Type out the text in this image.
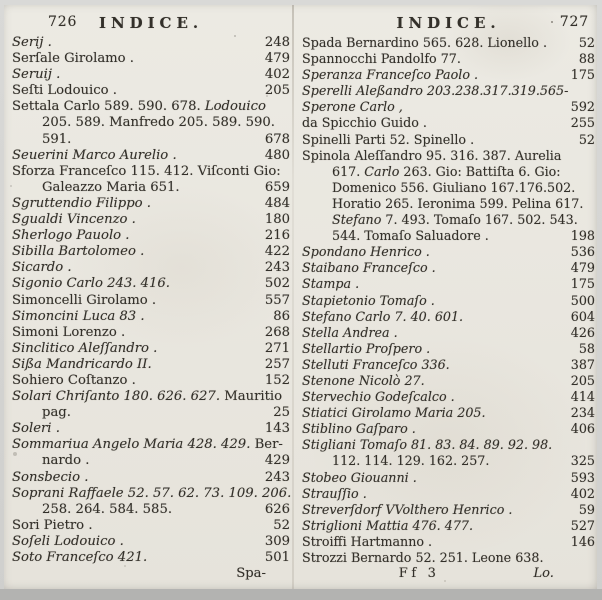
726 INDICE.
Serij .	248
Serſale Girolamo .	479
Seruij .	402
Seſti Lodouico .	205
Settala Carlo 589. 590. 678. Lodouico
205. 589. Manfredo 205. 589. 590.
591.	678
Seuerini Marco Aurelio .	480
Sforza Franceſco 115. 412. Viſconti Gio:
Galeazzo Maria 651.	659
Sgruttendio Filippo .	484
Sgualdi Vincenzo .	180
Sherlogo Pauolo .	216
Sibilla Bartolomeo .	422
Sicardo .	243
Sigonio Carlo 243. 416.	502
Simoncelli Girolamo .	557
Simoncini Luca 83 .	86
Simoni Lorenzo .	268
Sinclitico Aleſſandro .	271
Sißa Mandricardo II.	257
Sohiero Coſtanzo .	152
Solari Chriſanto 180. 626. 627. Mauritio
pag.	25
Soleri .	143
Sommariua Angelo Maria 428. 429. Ber-
nardo .	429
Sonsbecio .	243
Soprani Raffaele 52. 57. 62. 73. 109. 206.
258. 264. 584. 585.	626
Sori Pietro .	52
Soſeli Lodouico .	309
Soto Franceſco 421.	501
Spa-
INDICE.	727
Spada Bernardino 565. 628. Lionello .	52
Spannocchi Pandolfo 77.	88
Speranza Franceſco Paolo .	175
Sperelli Aleßandro 203.238.317.319.565-
Sperone Carlo ,	592
da Spicchio Guido .	255
Spinelli Parti 52. Spinello .	52
Spinola Aleſſandro 95. 316. 387. Aurelia
617. Carlo 263. Gio: Battiſta 6. Gio:
Domenico 556. Giuliano 167.176.502.
Horatio 265. Ieronima 599. Pelina 617.
Stefano 7. 493. Tomaſo 167. 502. 543.
544. Tomaſo Saluadore .	198
Spondano Henrico .	536
Staibano Franceſco .	479
Stampa .	175
Stapietonio Tomaſo .	500
Stefano Carlo 7. 40. 601.	604
Stella Andrea .	426
Stellartio Proſpero .	58
Stelluti Franceſco 336.	387
Stenone Nicolò 27.	205
Stervechio Godeſcalco .	414
Stiatici Girolamo Maria 205.	234
Stiblino Gaſparo .	406
Stigliani Tomaſo 81. 83. 84. 89. 92. 98.
112. 114. 129. 162. 257.	325
Stobeo Giouanni .	593
Strauſſio .	402
Streverſdorf VVolthero Henrico .	59
Striglioni Mattia 476. 477.	527
Stroiffi Hartmanno .	146
Strozzi Bernardo 52. 251. Leone 638.
Ff 3	Lo.
